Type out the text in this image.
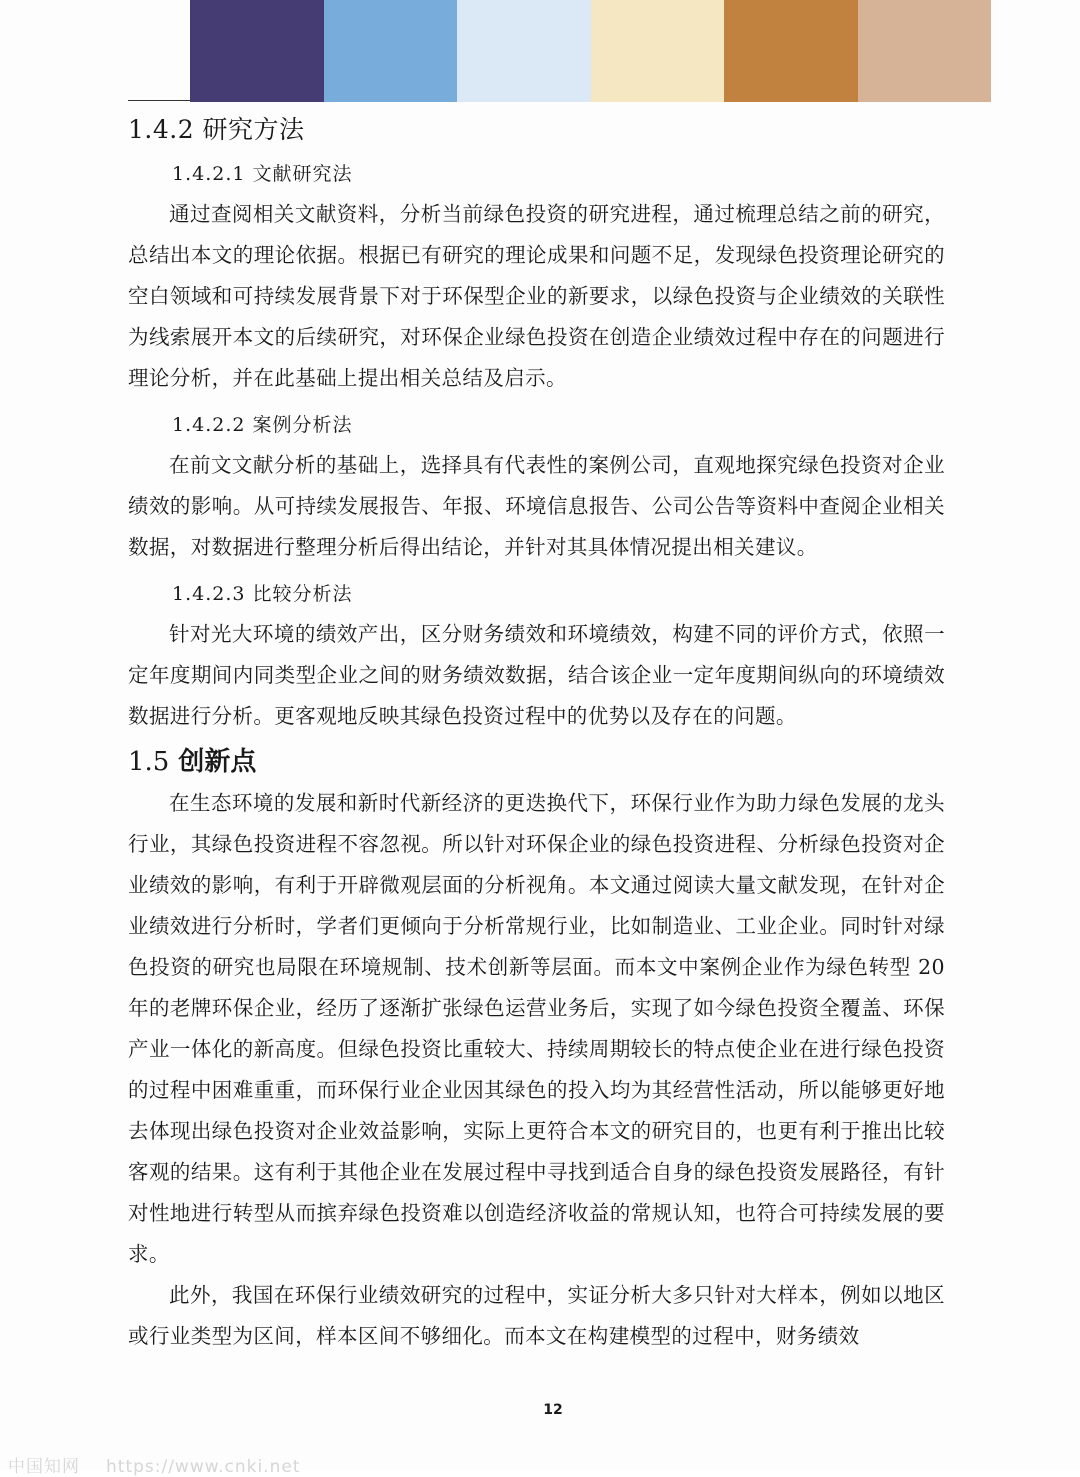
1.4.2 研究方法
1.4.2.1 文献研究法

通过查阅相关文献资料，分析当前绿色投资的研究进程，通过梳理总结之前的研究，总结出本文的理论依据。根据已有研究的理论成果和问题不足，发现绿色投资理论研究的空白领域和可持续发展背景下对于环保型企业的新要求，以绿色投资与企业绩效的关联性为线索展开本文的后续研究，对环保企业绿色投资在创造企业绩效过程中存在的问题进行理论分析，并在此基础上提出相关总结及启示。

1.4.2.2 案例分析法

在前文文献分析的基础上，选择具有代表性的案例公司，直观地探究绿色投资对企业绩效的影响。从可持续发展报告、年报、环境信息报告、公司公告等资料中查阅企业相关数据，对数据进行整理分析后得出结论，并针对其具体情况提出相关建议。

1.4.2.3 比较分析法

针对光大环境的绩效产出，区分财务绩效和环境绩效，构建不同的评价方式，依照一定年度期间内同类型企业之间的财务绩效数据，结合该企业一定年度期间纵向的环境绩效数据进行分析。更客观地反映其绿色投资过程中的优势以及存在的问题。

1.5 创新点

在生态环境的发展和新时代新经济的更迭换代下，环保行业作为助力绿色发展的龙头行业，其绿色投资进程不容忽视。所以针对环保企业的绿色投资进程、分析绿色投资对企业绩效的影响，有利于开辟微观层面的分析视角。本文通过阅读大量文献发现，在针对企业绩效进行分析时，学者们更倾向于分析常规行业，比如制造业、工业企业。同时针对绿色投资的研究也局限在环境规制、技术创新等层面。而本文中案例企业作为绿色转型 20 年的老牌环保企业，经历了逐渐扩张绿色运营业务后，实现了如今绿色投资全覆盖、环保产业一体化的新高度。但绿色投资比重较大、持续周期较长的特点使企业在进行绿色投资的过程中困难重重，而环保行业企业因其绿色的投入均为其经营性活动，所以能够更好地去体现出绿色投资对企业效益影响，实际上更符合本文的研究目的，也更有利于推出比较客观的结果。这有利于其他企业在发展过程中寻找到适合自身的绿色投资发展路径，有针对性地进行转型从而摈弃绿色投资难以创造经济收益的常规认知，也符合可持续发展的要求。

此外，我国在环保行业绩效研究的过程中，实证分析大多只针对大样本，例如以地区或行业类型为区间，样本区间不够细化。而本文在构建模型的过程中，财务绩效

12
中国知网 https://www.cnki.net
